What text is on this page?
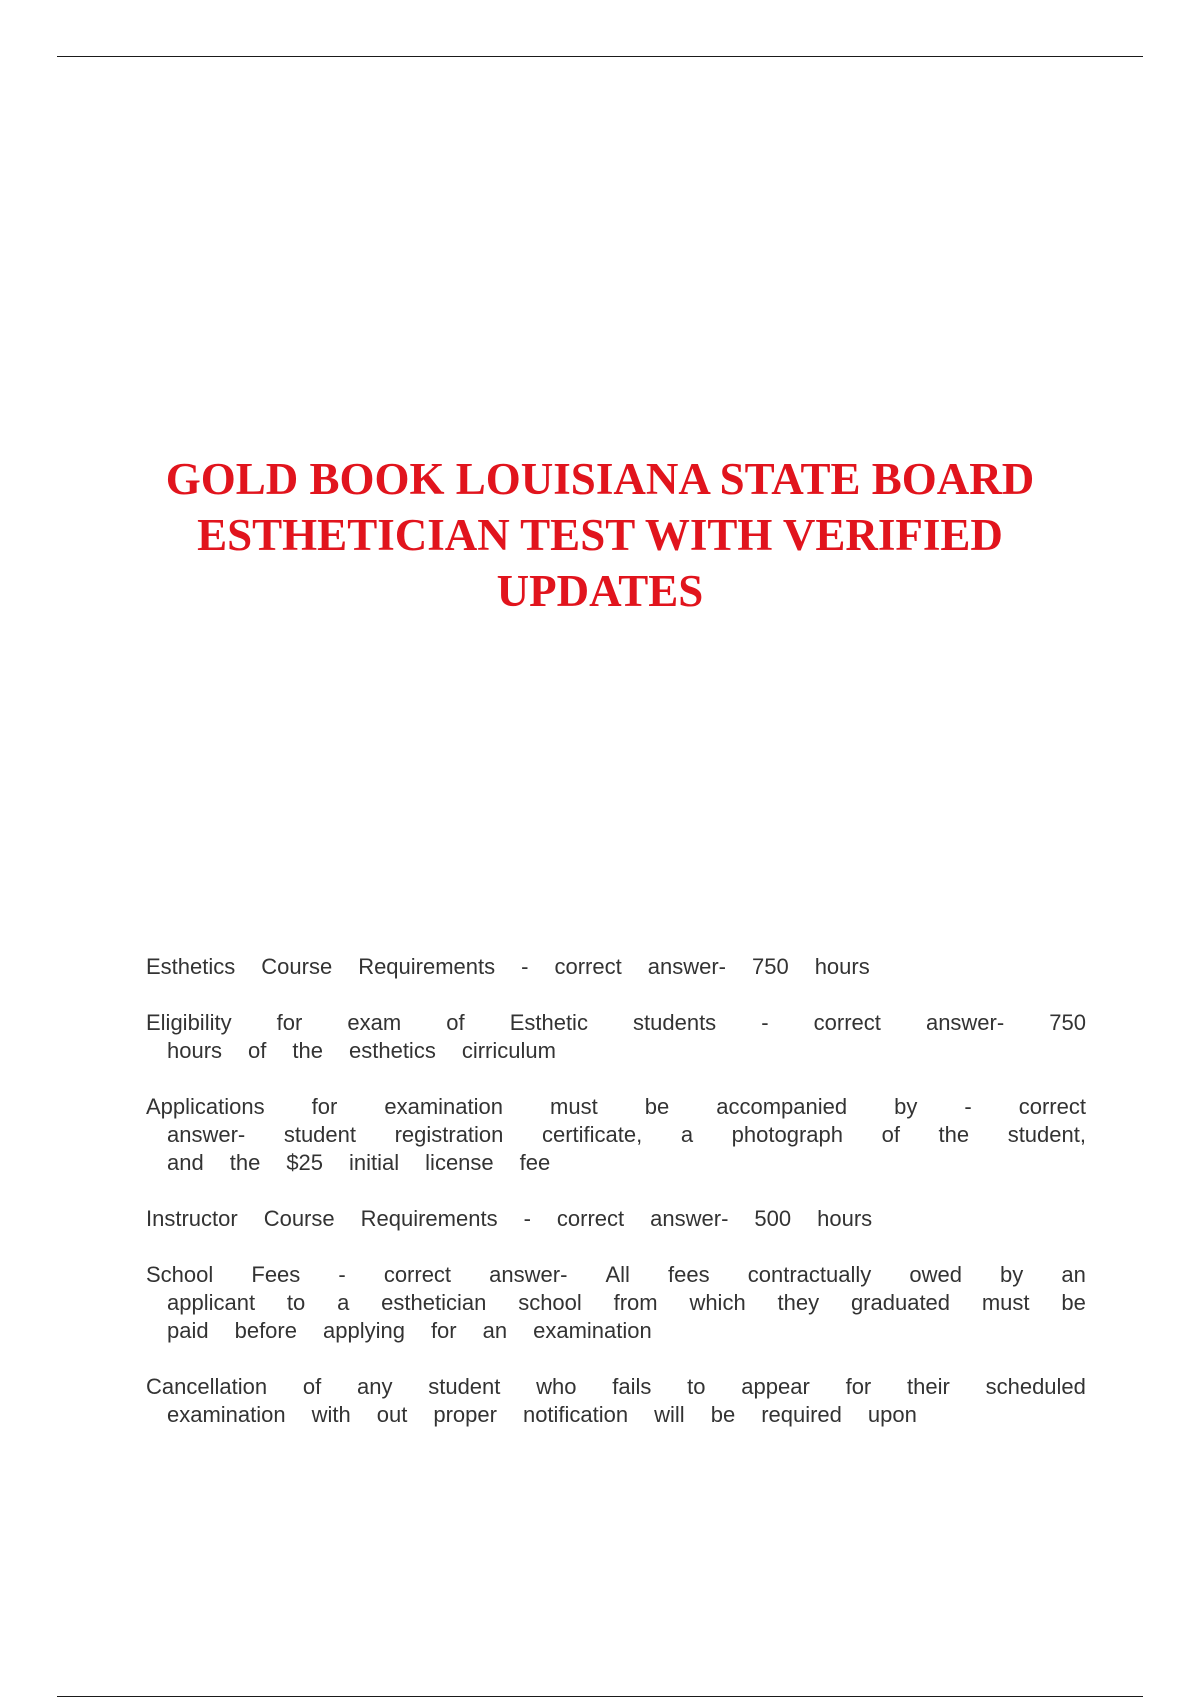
GOLD BOOK LOUISIANA STATE BOARD
ESTHETICIAN TEST WITH VERIFIED
UPDATES
Esthetics Course Requirements - correct answer- 750 hours
Eligibility for exam of Esthetic students - correct answer- 750
hours of the esthetics cirriculum
Applications for examination must be accompanied by - correct
answer- student registration certificate, a photograph of the student,
and the $25 initial license fee
Instructor Course Requirements - correct answer- 500 hours
School Fees - correct answer- All fees contractually owed by an
applicant to a esthetician school from which they graduated must be
paid before applying for an examination
Cancellation of any student who fails to appear for their scheduled
examination with out proper notification will be required upon
